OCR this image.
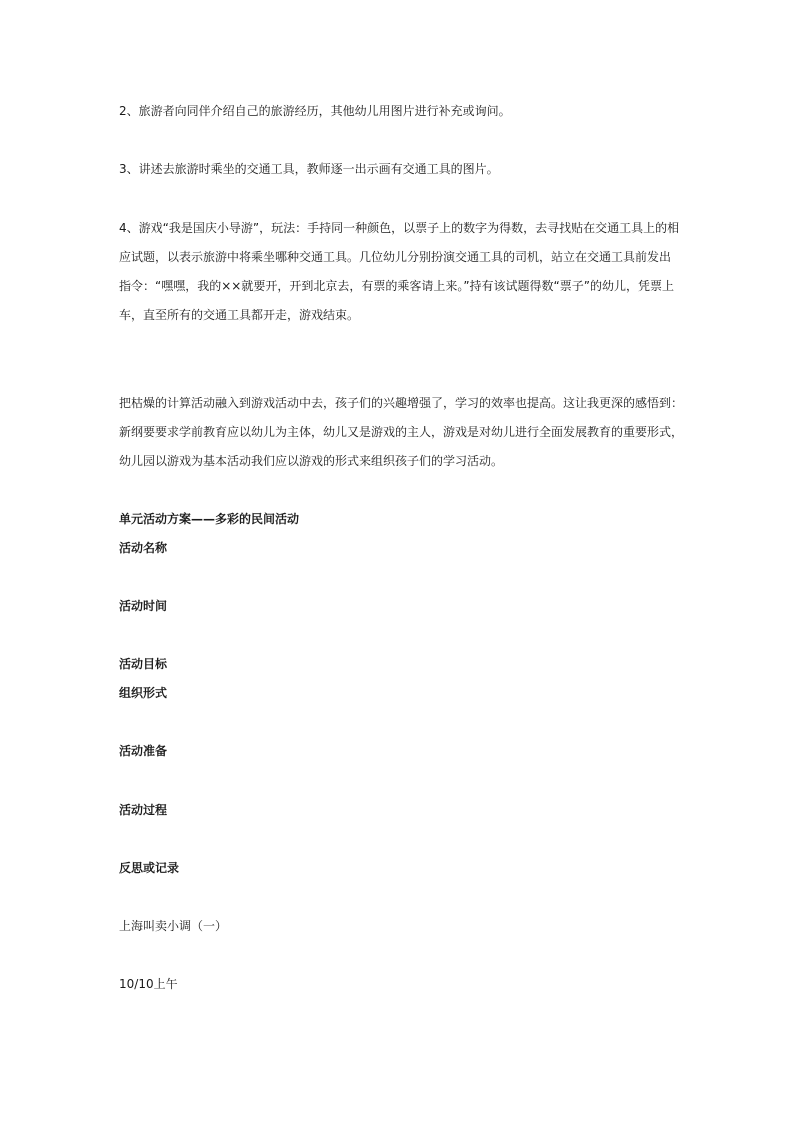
2、旅游者向同伴介绍自己的旅游经历，其他幼儿用图片进行补充或询问。
3、讲述去旅游时乘坐的交通工具，教师逐一出示画有交通工具的图片。
4、游戏“我是国庆小导游”，玩法：手持同一种颜色，以票子上的数字为得数，去寻找贴在交通工具上的相
应试题，以表示旅游中将乘坐哪种交通工具。几位幼儿分别扮演交通工具的司机，站立在交通工具前发出
指令：“嘿嘿，我的××就要开，开到北京去，有票的乘客请上来。”持有该试题得数“票子”的幼儿，凭票上
车，直至所有的交通工具都开走，游戏结束。
把枯燥的计算活动融入到游戏活动中去，孩子们的兴趣增强了，学习的效率也提高。这让我更深的感悟到：
新纲要要求学前教育应以幼儿为主体，幼儿又是游戏的主人，游戏是对幼儿进行全面发展教育的重要形式，
幼儿园以游戏为基本活动我们应以游戏的形式来组织孩子们的学习活动。
单元活动方案——多彩的民间活动
活动名称
活动时间
活动目标
组织形式
活动准备
活动过程
反思或记录
上海叫卖小调（一）
10/10上午
